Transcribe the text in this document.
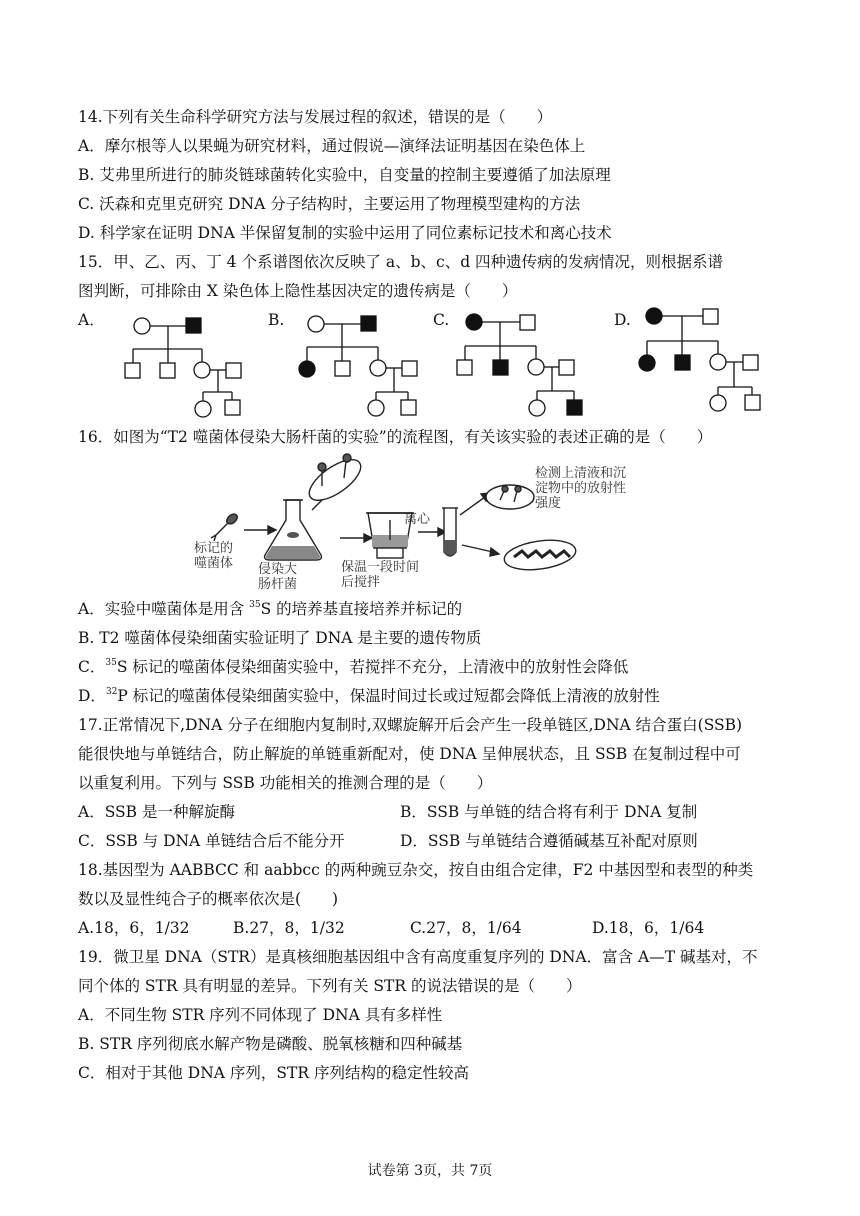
14.下列有关生命科学研究方法与发展过程的叙述，错误的是（　　）
A．摩尔根等人以果蝇为研究材料，通过假说—演绎法证明基因在染色体上
B. 艾弗里所进行的肺炎链球菌转化实验中，自变量的控制主要遵循了加法原理
C. 沃森和克里克研究 DNA 分子结构时，主要运用了物理模型建构的方法
D. 科学家在证明 DNA 半保留复制的实验中运用了同位素标记技术和离心技术
15．甲、乙、丙、丁 4 个系谱图依次反映了 a、b、c、d 四种遗传病的发病情况，则根据系谱
图判断，可排除由 X 染色体上隐性基因决定的遗传病是（　　）
A．	B.	C.	D.
16．如图为“T2 噬菌体侵染大肠杆菌的实验”的流程图，有关该实验的表述正确的是（　　）
标记的噬菌体	侵染大肠杆菌
保温一段时间后搅拌
离心
检测上清液和沉淀物中的放射性强度
A．实验中噬菌体是用含 $^{35}$S 的培养基直接培养并标记的
B. T2 噬菌体侵染细菌实验证明了 DNA 是主要的遗传物质
C．$^{35}$S 标记的噬菌体侵染细菌实验中，若搅拌不充分，上清液中的放射性会降低
D．$^{32}$P 标记的噬菌体侵染细菌实验中，保温时间过长或过短都会降低上清液的放射性
17.正常情况下,DNA 分子在细胞内复制时,双螺旋解开后会产生一段单链区,DNA 结合蛋白(SSB)
能很快地与单链结合，防止解旋的单链重新配对，使 DNA 呈伸展状态，且 SSB 在复制过程中可
以重复利用。下列与 SSB 功能相关的推测合理的是（　　）
A．SSB 是一种解旋酶	B．SSB 与单链的结合将有利于 DNA 复制
C．SSB 与 DNA 单链结合后不能分开	D．SSB 与单链结合遵循碱基互补配对原则
18.基因型为 AABBCC 和 aabbcc 的两种豌豆杂交，按自由组合定律，F2 中基因型和表型的种类
数以及显性纯合子的概率依次是(　　)
A.18，6，1/32	B.27，8，1/32	C.27，8，1/64	D.18，6，1/64
19．微卫星 DNA（STR）是真核细胞基因组中含有高度重复序列的 DNA．富含 A—T 碱基对，不
同个体的 STR 具有明显的差异。下列有关 STR 的说法错误的是（　　）
A．不同生物 STR 序列不同体现了 DNA 具有多样性
B. STR 序列彻底水解产物是磷酸、脱氧核糖和四种碱基
C．相对于其他 DNA 序列，STR 序列结构的稳定性较高
试卷第 3页，共 7页
